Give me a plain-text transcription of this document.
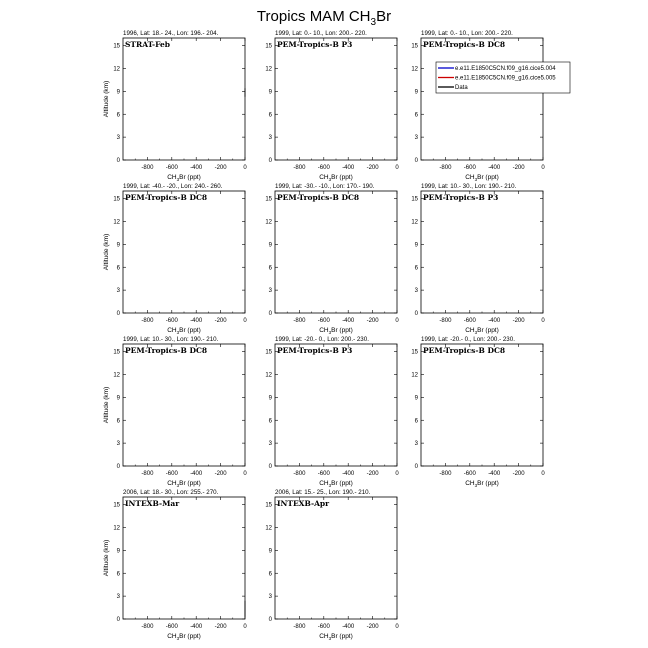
Tropics MAM $CH_3Br$
1996, Lat: 18.- 24., Lon: 196.- 204.
STRAT-Feb
-800 -600 -400 -200	0
0
3
6
9
12
15
$CH_3Br$ (ppt)
Altitude (km)
1999, Lat: 0.- 10., Lon: 200.- 220.
PEM-Tropics-B P3
-800 -600 -400 -200	0
0
3
6
9
12
15
$CH_3Br$ (ppt)
1999, Lat: 0.- 10., Lon: 200.- 220.
PEM-Tropics-B DC8
-800 -600 -400 -200	0
0
3
6
9
12
15
$CH_3Br$ (ppt)
1999, Lat: -40.- -20., Lon: 240.- 260.
PEM-Tropics-B DC8
-800 -600 -400 -200	0
0
3
6
9
12
15
$CH_3Br$ (ppt)
Altitude (km)
1999, Lat: -30.- -10., Lon: 170.- 190.
PEM-Tropics-B DC8
-800 -600 -400 -200	0
0
3
6
9
12
15
$CH_3Br$ (ppt)
1999, Lat: 10.- 30., Lon: 190.- 210.
PEM-Tropics-B P3
-800 -600 -400 -200	0
0
3
6
9
12
15
$CH_3Br$ (ppt)
1999, Lat: 10.- 30., Lon: 190.- 210.
PEM-Tropics-B DC8
-800 -600 -400 -200	0
0
3
6
9
12
15
$CH_3Br$ (ppt)
Altitude (km)
1999, Lat: -20.- 0., Lon: 200.- 230.
PEM-Tropics-B P3
-800 -600 -400 -200	0
0
3
6
9
12
15
$CH_3Br$ (ppt)
1999, Lat: -20.- 0., Lon: 200.- 230.
PEM-Tropics-B DC8
-800 -600 -400 -200	0
0
3
6
9
12
15
$CH_3Br$ (ppt)
2006, Lat: 18.- 30., Lon: 255.- 270.
INTEXB-Mar
-800 -600 -400 -200	0
0
3
6
9
12
15
$CH_3Br$ (ppt)
Altitude (km)
2006, Lat: 15.- 25., Lon: 190.- 210.
INTEXB-Apr
-800 -600 -400 -200	0
0
3
6
9
12
15
$CH_3Br$ (ppt)
e.e11.E1850C5CN.f09_g16.cice5.004
e.e11.E1850C5CN.f09_g16.cice5.005
Data
